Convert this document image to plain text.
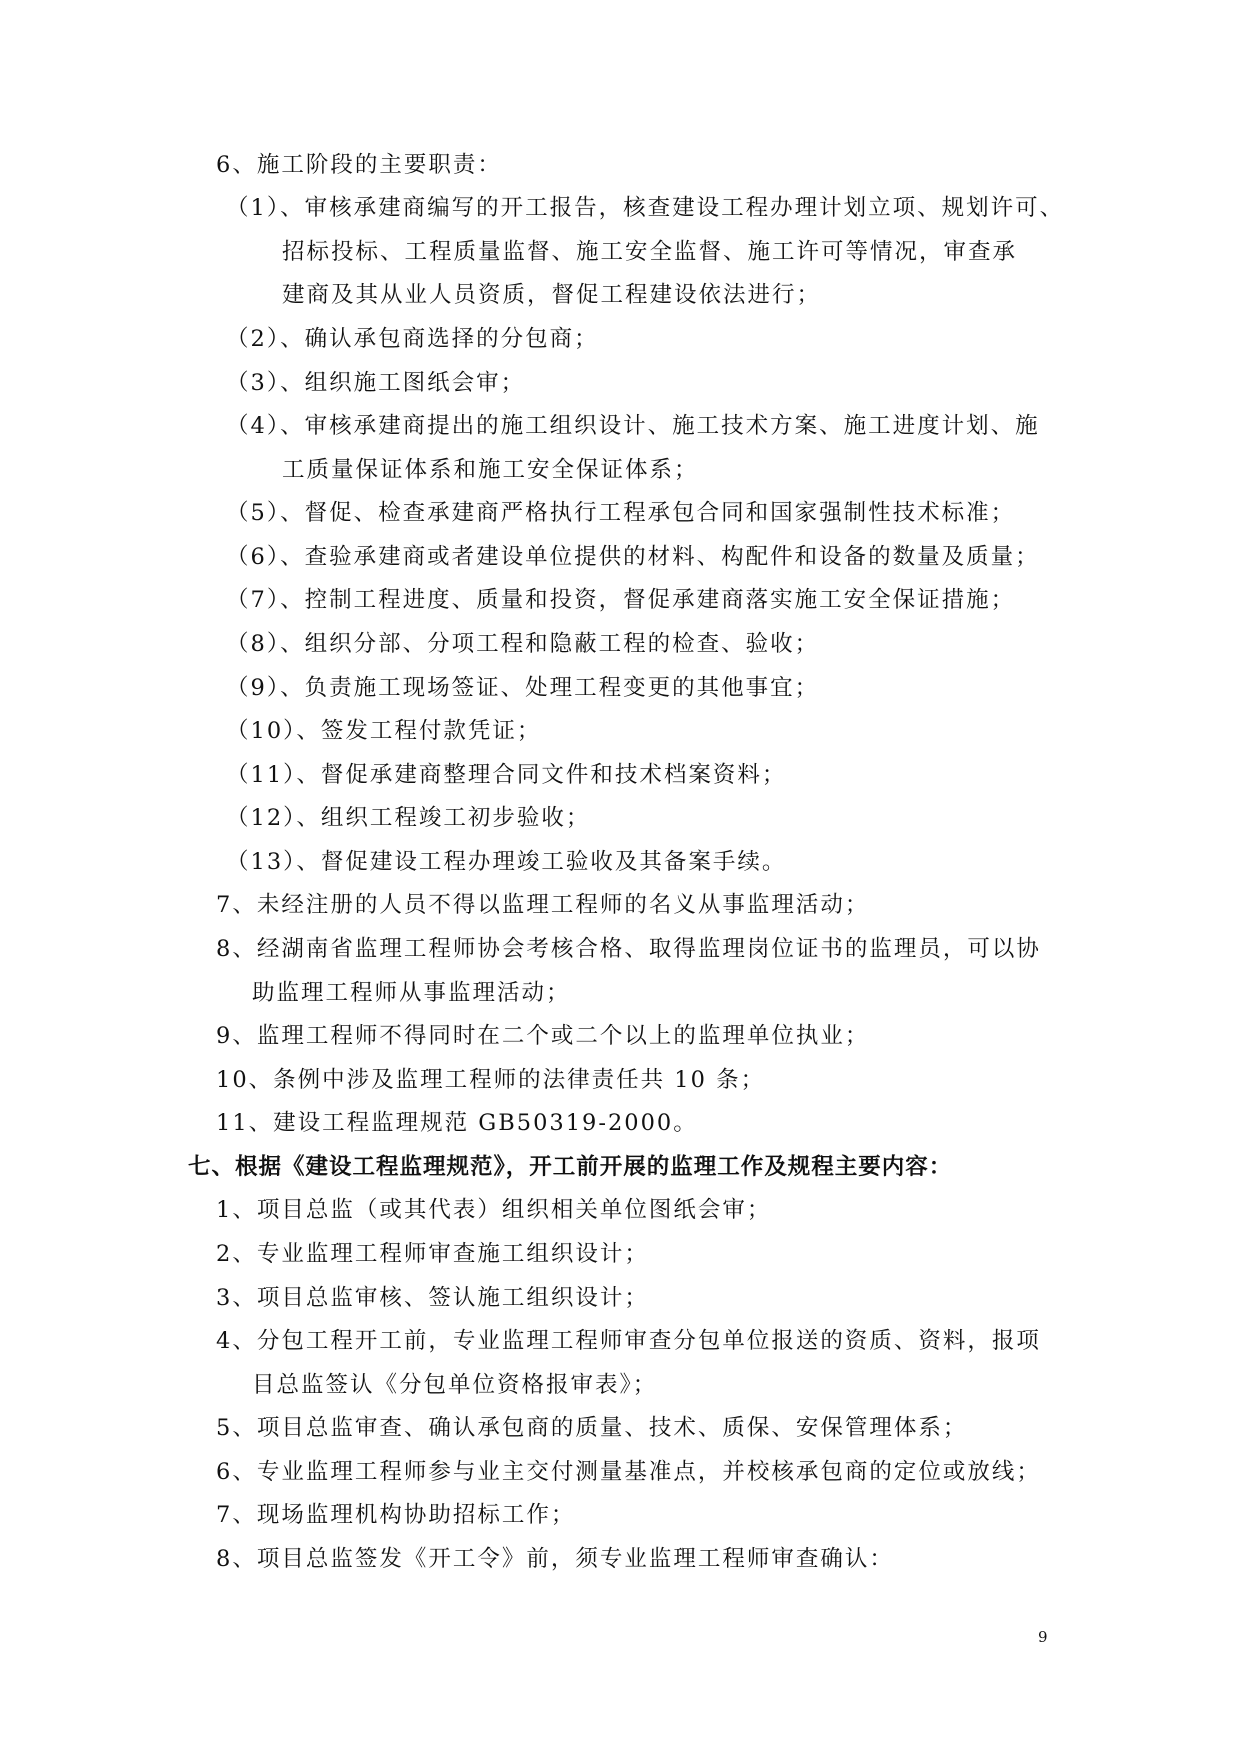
6、施工阶段的主要职责：
（1）、审核承建商编写的开工报告，核查建设工程办理计划立项、规划许可、
招标投标、工程质量监督、施工安全监督、施工许可等情况，审查承
建商及其从业人员资质，督促工程建设依法进行；
（2）、确认承包商选择的分包商；
（3）、组织施工图纸会审；
（4）、审核承建商提出的施工组织设计、施工技术方案、施工进度计划、施
工质量保证体系和施工安全保证体系；
（5）、督促、检查承建商严格执行工程承包合同和国家强制性技术标准；
（6）、查验承建商或者建设单位提供的材料、构配件和设备的数量及质量；
（7）、控制工程进度、质量和投资，督促承建商落实施工安全保证措施；
（8）、组织分部、分项工程和隐蔽工程的检查、验收；
（9）、负责施工现场签证、处理工程变更的其他事宜；
（10）、签发工程付款凭证；
（11）、督促承建商整理合同文件和技术档案资料；
（12）、组织工程竣工初步验收；
（13）、督促建设工程办理竣工验收及其备案手续。
7、未经注册的人员不得以监理工程师的名义从事监理活动；
8、经湖南省监理工程师协会考核合格、取得监理岗位证书的监理员，可以协
助监理工程师从事监理活动；
9、监理工程师不得同时在二个或二个以上的监理单位执业；
10、条例中涉及监理工程师的法律责任共 10 条；
11、建设工程监理规范 GB50319-2000。
七、根据《建设工程监理规范》，开工前开展的监理工作及规程主要内容：
1、项目总监（或其代表）组织相关单位图纸会审；
2、专业监理工程师审查施工组织设计；
3、项目总监审核、签认施工组织设计；
4、分包工程开工前，专业监理工程师审查分包单位报送的资质、资料，报项
目总监签认《分包单位资格报审表》；
5、项目总监审查、确认承包商的质量、技术、质保、安保管理体系；
6、专业监理工程师参与业主交付测量基准点，并校核承包商的定位或放线；
7、现场监理机构协助招标工作；
8、项目总监签发《开工令》前，须专业监理工程师审查确认：
9
